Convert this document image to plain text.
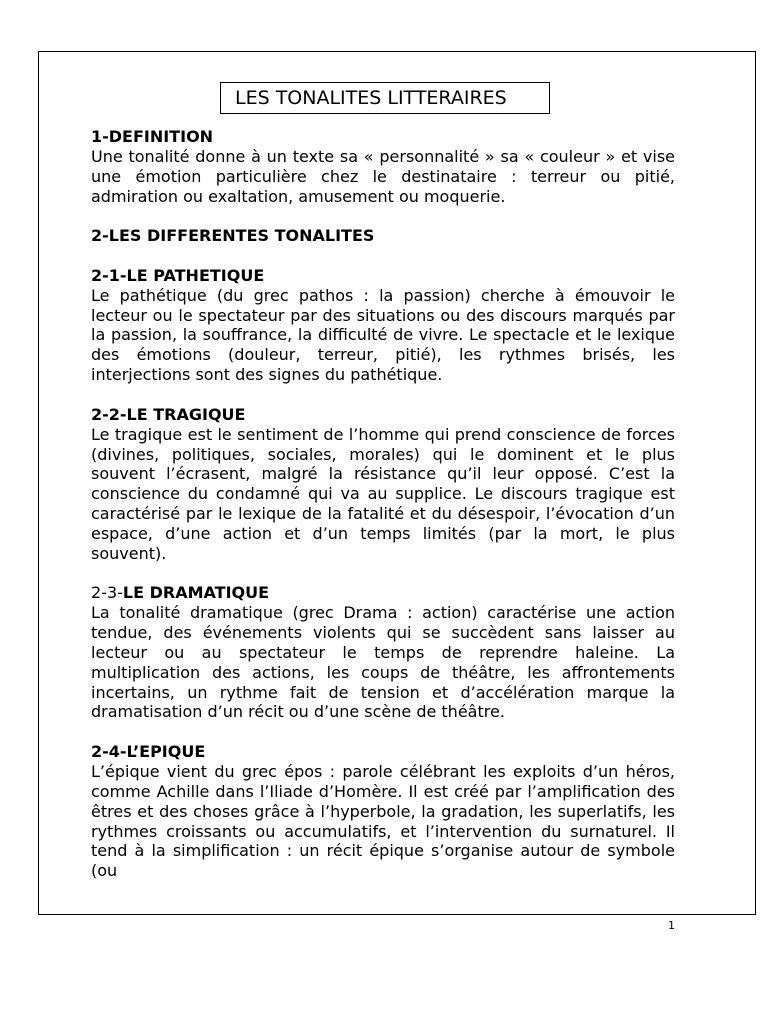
LES TONALITES LITTERAIRES

1-DEFINITION

Une tonalité donne à un texte sa « personnalité » sa « couleur » et vise une émotion particulière chez le destinataire : terreur ou pitié, admiration ou exaltation, amusement ou moquerie.

2-LES DIFFERENTES TONALITES

2-1-LE PATHETIQUE

Le pathétique (du grec pathos : la passion) cherche à émouvoir le lecteur ou le spectateur par des situations ou des discours marqués par la passion, la souffrance, la difficulté de vivre. Le spectacle et le lexique des émotions (douleur, terreur, pitié), les rythmes brisés, les interjections sont des signes du pathétique.

2-2-LE TRAGIQUE

Le tragique est le sentiment de l’homme qui prend conscience de forces (divines, politiques, sociales, morales) qui le dominent et le plus souvent l’écrasent, malgré la résistance qu’il leur opposé. C’est la conscience du condamné qui va au supplice. Le discours tragique est caractérisé par le lexique de la fatalité et du désespoir, l’évocation d’un espace, d’une action et d’un temps limités (par la mort, le plus souvent).

2-3-LE DRAMATIQUE

La tonalité dramatique (grec Drama : action) caractérise une action tendue, des événements violents qui se succèdent sans laisser au lecteur ou au spectateur le temps de reprendre haleine. La multiplication des actions, les coups de théâtre, les affrontements incertains, un rythme fait de tension et d’accélération marque la dramatisation d’un récit ou d’une scène de théâtre.

2-4-L’EPIQUE

L’épique vient du grec épos : parole célébrant les exploits d’un héros, comme Achille dans l’Iliade d’Homère. Il est créé par l’amplification des êtres et des choses grâce à l’hyperbole, la gradation, les superlatifs, les rythmes croissants ou accumulatifs, et l’intervention du surnaturel. Il tend à la simplification : un récit épique s’organise autour de symbole (ou

1
